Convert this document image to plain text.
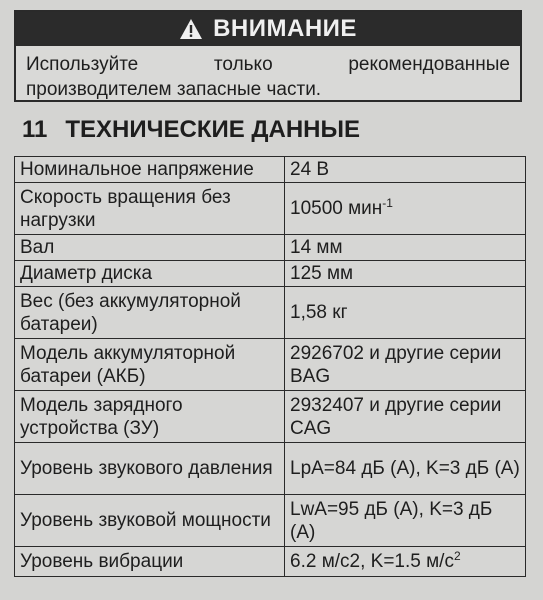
ВНИМАНИЕ
Используйте только рекомендованные производителем запасные части.
11 ТЕХНИЧЕСКИЕ ДАННЫЕ
Номинальное напряжение	24 В
Скорость вращения без нагрузки	10500 мин$^{-1}$
Вал	14 мм
Диаметр диска	125 мм
Вес (без аккумуляторной батареи)	1,58 кг
Модель аккумуляторной батареи (АКБ)	2926702 и другие серии BAG
Модель зарядного устройства (ЗУ)	2932407 и другие серии CAG
Уровень звукового давления	LpA=84 дБ (А), K=3 дБ (А)
Уровень звуковой мощности	LwA=95 дБ (А), K=3 дБ (А)
Уровень вибрации	6.2 м/с2, K=1.5 $м/с^2$
